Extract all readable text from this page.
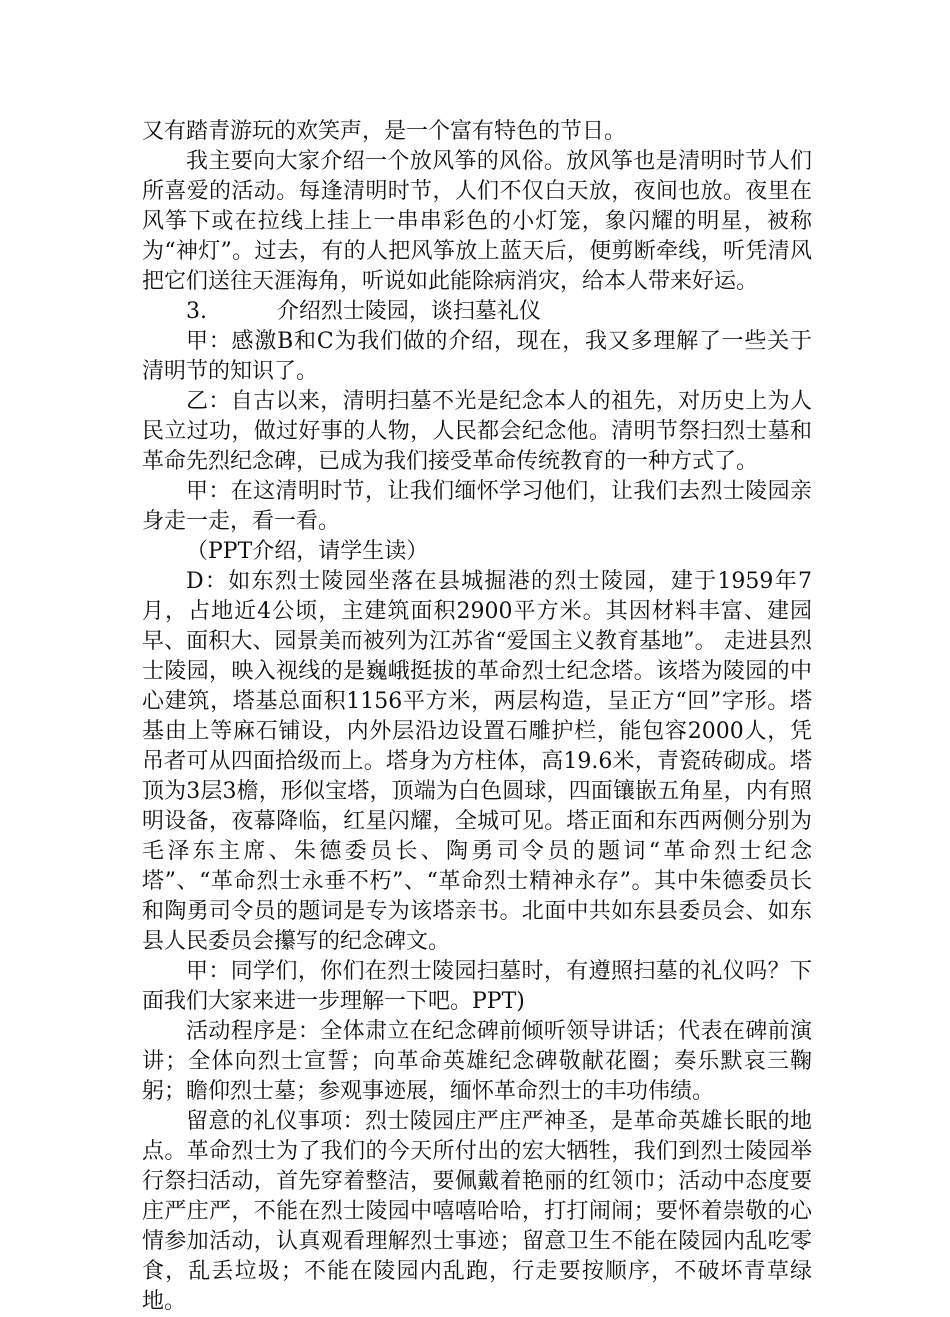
又有踏青游玩的欢笑声，是一个富有特色的节日。

我主要向大家介绍一个放风筝的风俗。放风筝也是清明时节人们所喜爱的活动。每逢清明时节，人们不仅白天放，夜间也放。夜里在风筝下或在拉线上挂上一串串彩色的小灯笼，象闪耀的明星，被称为“神灯”。过去，有的人把风筝放上蓝天后，便剪断牵线，听凭清风把它们送往天涯海角，听说如此能除病消灾，给本人带来好运。

3.          介绍烈士陵园，谈扫墓礼仪

甲：感激B和C为我们做的介绍，现在，我又多理解了一些关于清明节的知识了。

乙：自古以来，清明扫墓不光是纪念本人的祖先，对历史上为人民立过功，做过好事的人物，人民都会纪念他。清明节祭扫烈士墓和革命先烈纪念碑，已成为我们接受革命传统教育的一种方式了。

甲：在这清明时节，让我们缅怀学习他们，让我们去烈士陵园亲身走一走，看一看。

（PPT介绍，请学生读）

D：如东烈士陵园坐落在县城掘港的烈士陵园，建于1959年7月，占地近4公顷，主建筑面积2900平方米。其因材料丰富、建园早、面积大、园景美而被列为江苏省“爱国主义教育基地”。 走进县烈士陵园，映入视线的是巍峨挺拔的革命烈士纪念塔。该塔为陵园的中心建筑，塔基总面积1156平方米，两层构造，呈正方“回”字形。塔基由上等麻石铺设，内外层沿边设置石雕护栏，能包容2000人，凭吊者可从四面拾级而上。塔身为方柱体，高19.6米，青瓷砖砌成。塔顶为3层3檐，形似宝塔，顶端为白色圆球，四面镶嵌五角星，内有照明设备，夜幕降临，红星闪耀，全城可见。塔正面和东西两侧分别为毛泽东主席、朱德委员长、陶勇司令员的题词“革命烈士纪念塔”、“革命烈士永垂不朽”、“革命烈士精神永存”。其中朱德委员长和陶勇司令员的题词是专为该塔亲书。北面中共如东县委员会、如东县人民委员会攥写的纪念碑文。

甲：同学们，你们在烈士陵园扫墓时，有遵照扫墓的礼仪吗？下面我们大家来进一步理解一下吧。PPT)

活动程序是：全体肃立在纪念碑前倾听领导讲话；代表在碑前演讲；全体向烈士宣誓；向革命英雄纪念碑敬献花圈；奏乐默哀三鞠躬；瞻仰烈士墓；参观事迹展，缅怀革命烈士的丰功伟绩。

留意的礼仪事项：烈士陵园庄严庄严神圣，是革命英雄长眠的地点。革命烈士为了我们的今天所付出的宏大牺牲，我们到烈士陵园举行祭扫活动，首先穿着整洁，要佩戴着艳丽的红领巾；活动中态度要庄严庄严，不能在烈士陵园中嘻嘻哈哈，打打闹闹；要怀着崇敬的心情参加活动，认真观看理解烈士事迹；留意卫生不能在陵园内乱吃零食，乱丢垃圾；不能在陵园内乱跑，行走要按顺序，不破坏青草绿地。
